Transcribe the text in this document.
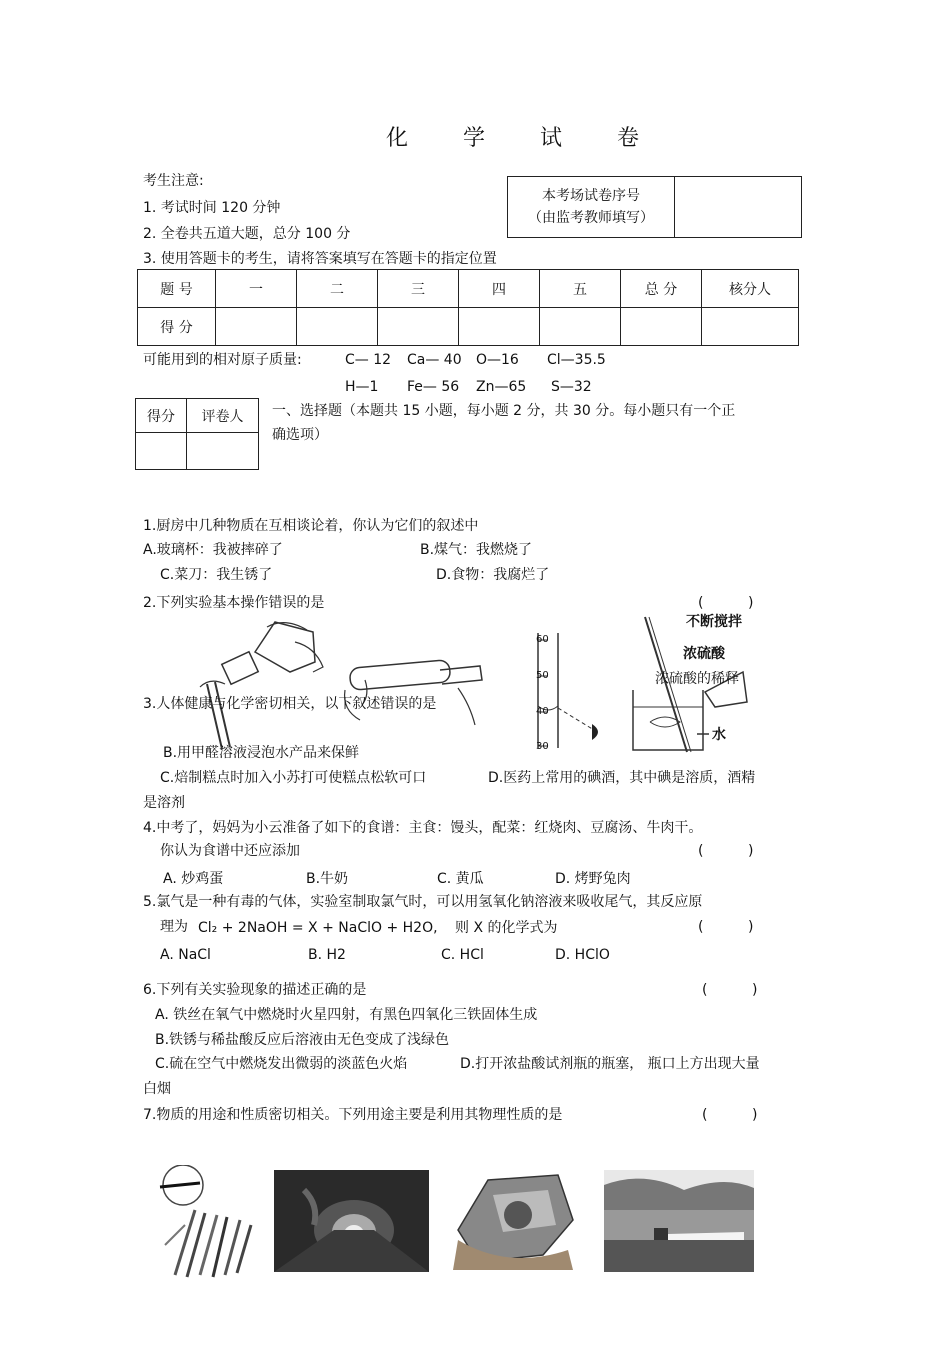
化 学 试 卷
考生注意:
1. 考试时间 120 分钟
2. 全卷共五道大题，总分 100 分
3. 使用答题卡的考生，请将答案填写在答题卡的指定位置
本考场试卷序号
（由监考教师填写）

题 号	一	二	三	四	五	总 分	核分人
得 分							
可能用到的相对原子质量:	C— 12 Ca— 40 O—16 Cl—35.5
H—1 Fe— 56 Zn—65 S—32
得分	评卷人
	一、选择题（本题共 15 小题，每小题 2 分，共 30 分。每小题只有一个正
确选项）
1.厨房中几种物质在互相谈论着，你认为它们的叙述中
A.玻璃杯：我被摔碎了	B.煤气：我燃烧了
C.菜刀：我生锈了	D.食物：我腐烂了
2.下列实验基本操作错误的是	(          )
60
50
40
30
不断搅拌
浓硫酸
浓硫酸的稀释
水
3.人体健康与化学密切相关，以下叙述错误的是
B.用甲醛溶液浸泡水产品来保鲜
C.焙制糕点时加入小苏打可使糕点松软可口	D.医药上常用的碘酒，其中碘是溶质，酒精
是溶剂
4.中考了，妈妈为小云准备了如下的食谱：主食：馒头，配菜：红烧肉、豆腐汤、牛肉干。
你认为食谱中还应添加	(          )
A. 炒鸡蛋	B.牛奶	C. 黄瓜	D. 烤野兔肉
5.氯气是一种有毒的气体，实验室制取氯气时，可以用氢氧化钠溶液来吸收尾气，其反应原
理为 Cl₂ + 2NaOH = X + NaClO + H2O, 则 X 的化学式为	(          )
A. NaCl	B. H2	C. HCl	D. HClO
6.下列有关实验现象的描述正确的是	(          )
A. 铁丝在氧气中燃烧时火星四射，有黑色四氧化三铁固体生成
B.铁锈与稀盐酸反应后溶液由无色变成了浅绿色
C.硫在空气中燃烧发出微弱的淡蓝色火焰	D.打开浓盐酸试剂瓶的瓶塞， 瓶口上方出现大量
白烟
7.物质的用途和性质密切相关。下列用途主要是利用其物理性质的是	(          )
